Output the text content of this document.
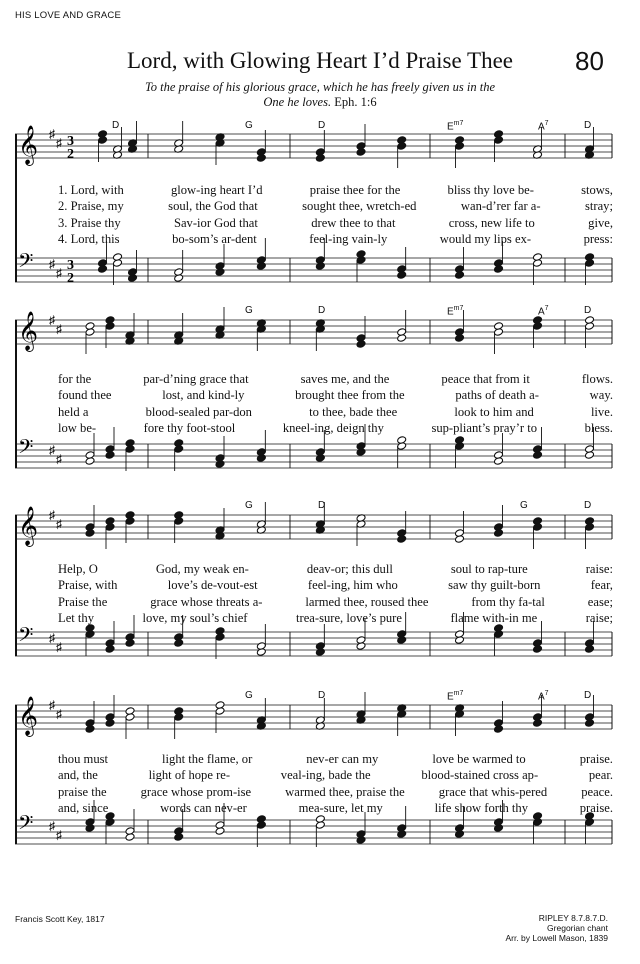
HIS LOVE AND GRACE
Lord, with Glowing Heart I’d Praise Thee	80
To the praise of his glorious grace, which he has freely given us in the
One he loves. Eph. 1:6
𝄞 ♯
♯ 3
2
𝄢 ♯
♯ 3
2
D	G	D	$E^{m7}$	$A^7$	D
1. Lord, with	glow-ing heart I’d	praise thee for the	bliss thy love be-	stows,
2. Praise, my	soul, the God that	sought thee, wretch-ed	wan-d’rer far a-	stray;
3. Praise thy	Sav-ior God that	drew thee to that	cross, new life to	give,
4. Lord, this	bo-som’s ar-dent	feel-ing vain-ly	would my lips ex-	press:
𝄞 ♯
♯
𝄢 ♯
♯
G	D	$E^{m7}$	$A^7$	D
for the	par-d’ning grace that	saves me, and the	peace that from it	flows.
found thee	lost, and kind-ly	brought thee from the	paths of death a-	way.
held a	blood-sealed par-don	to thee, bade thee	look to him and	live.
low be-	fore thy foot-stool	kneel-ing, deign thy	sup-pliant’s pray’r to	bless.
𝄞 ♯
♯
𝄢 ♯
♯
G	D	G	D
Help, O	God, my weak en-	deav-or; this dull	soul to rap-ture	raise:
Praise, with	love’s de-vout-est	feel-ing, him who	saw thy guilt-born	fear,
Praise the	grace whose threats a-	larmed thee, roused thee	from thy fa-tal	ease;
Let thy	love, my soul’s chief	trea-sure, love’s pure	flame with-in me	raise;
𝄞 ♯
♯
𝄢 ♯
♯
G	D	$E^{m7}$	$A^7$	D
thou must	light the flame, or	nev-er can my	love be warmed to	praise.
and, the	light of hope re-	veal-ing, bade the	blood-stained cross ap-	pear.
praise the	grace whose prom-ise	warmed thee, praise the	grace that whis-pered	peace.
and, since	words can nev-er	mea-sure, let my	life show forth thy	praise.
Francis Scott Key, 1817	RIPLEY 8.7.8.7.D.
Gregorian chant
Arr. by Lowell Mason, 1839
